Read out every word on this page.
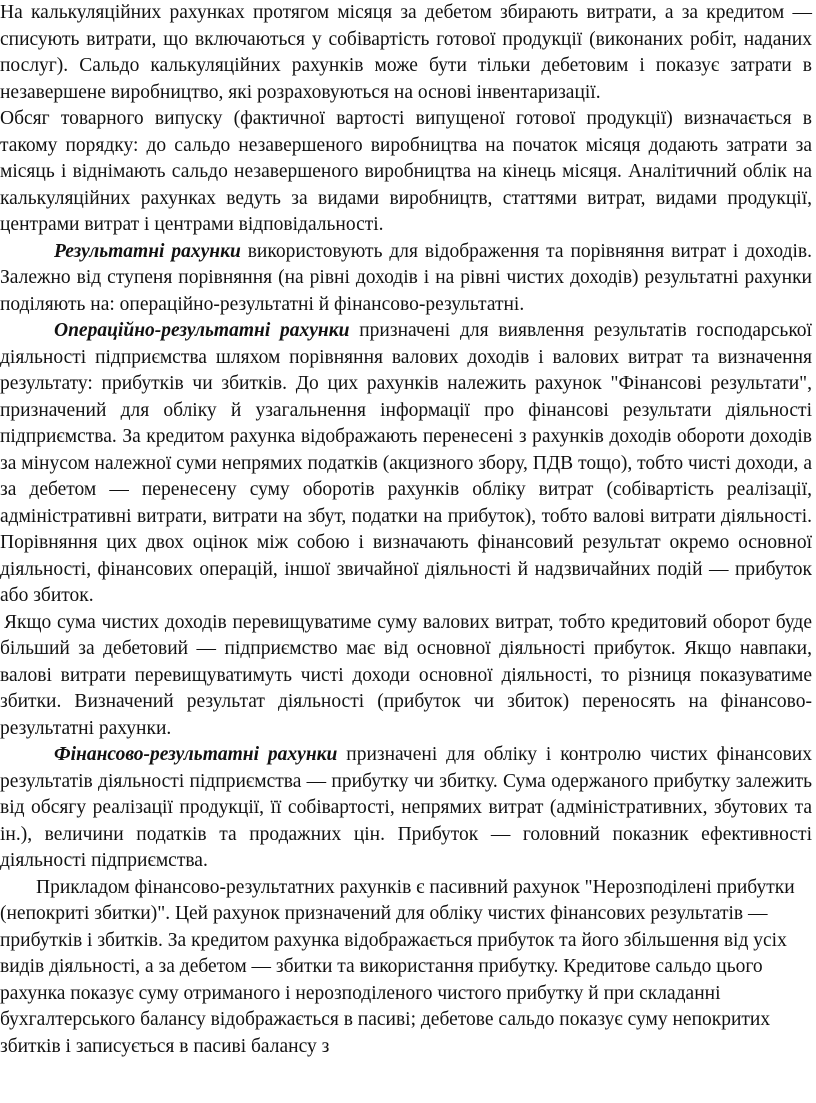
На калькуляційних рахунках протягом місяця за дебетом збирають витрати, а за кредитом — списують витрати, що включаються у собівартість готової продукції (виконаних робіт, наданих послуг). Сальдо калькуляційних рахунків може бути тільки дебетовим і показує затрати в незавершене виробництво, які розраховуються на основі інвентаризації.

Обсяг товарного випуску (фактичної вартості випущеної готової продукції) визначається в такому порядку: до сальдо незавершеного виробництва на початок місяця додають затрати за місяць і віднімають сальдо незавершеного виробництва на кінець місяця. Аналітичний облік на калькуляційних рахунках ведуть за видами виробництв, статтями витрат, видами продукції, центрами витрат і центрами відповідальності.

Результатні рахунки використовують для відображення та порівняння витрат і доходів. Залежно від ступеня порівняння (на рівні доходів і на рівні чистих доходів) результатні рахунки поділяють на: операційно-результатні й фінансово-результатні.

Операційно-результатні рахунки призначені для виявлення результатів господарської діяльності підприємства шляхом порівняння валових доходів і валових витрат та визначення результату: прибутків чи збитків. До цих рахунків належить рахунок "Фінансові результати", призначений для обліку й узагальнення інформації про фінансові результати діяльності підприємства. За кредитом рахунка відображають перенесені з рахунків доходів обороти доходів за мінусом належної суми непрямих податків (акцизного збору, ПДВ тощо), тобто чисті доходи, а за дебетом — перенесену суму оборотів рахунків обліку витрат (собівартість реалізації, адміністративні витрати, витрати на збут, податки на прибуток), тобто валові витрати діяльності. Порівняння цих двох оцінок між собою і визначають фінансовий результат окремо основної діяльності, фінансових операцій, іншої звичайної діяльності й надзвичайних подій — прибуток або збиток.

Якщо сума чистих доходів перевищуватиме суму валових витрат, тобто кредитовий оборот буде більший за дебетовий — підприємство має від основної діяльності прибуток. Якщо навпаки, валові витрати перевищуватимуть чисті доходи основної діяльності, то різниця показуватиме збитки. Визначений результат діяльності (прибуток чи збиток) переносять на фінансово-результатні рахунки.

Фінансово-результатні рахунки призначені для обліку і контролю чистих фінансових результатів діяльності підприємства — прибутку чи збитку. Сума одержаного прибутку залежить від обсягу реалізації продукції, її собівартості, непрямих витрат (адміністративних, збутових та ін.), величини податків та продажних цін. Прибуток — головний показник ефективності діяльності підприємства.

Прикладом фінансово-результатних рахунків є пасивний рахунок "Нерозподілені прибутки (непокриті збитки)". Цей рахунок призначений для обліку чистих фінансових результатів — прибутків і збитків. За кредитом рахунка відображається прибуток та його збільшення від усіх видів діяльності, а за дебетом — збитки та використання прибутку. Кредитове сальдо цього рахунка показує суму отриманого і нерозподіленого чистого прибутку й при складанні бухгалтерського балансу відображається в пасиві; дебетове сальдо показує суму непокритих збитків і записується в пасиві балансу з
